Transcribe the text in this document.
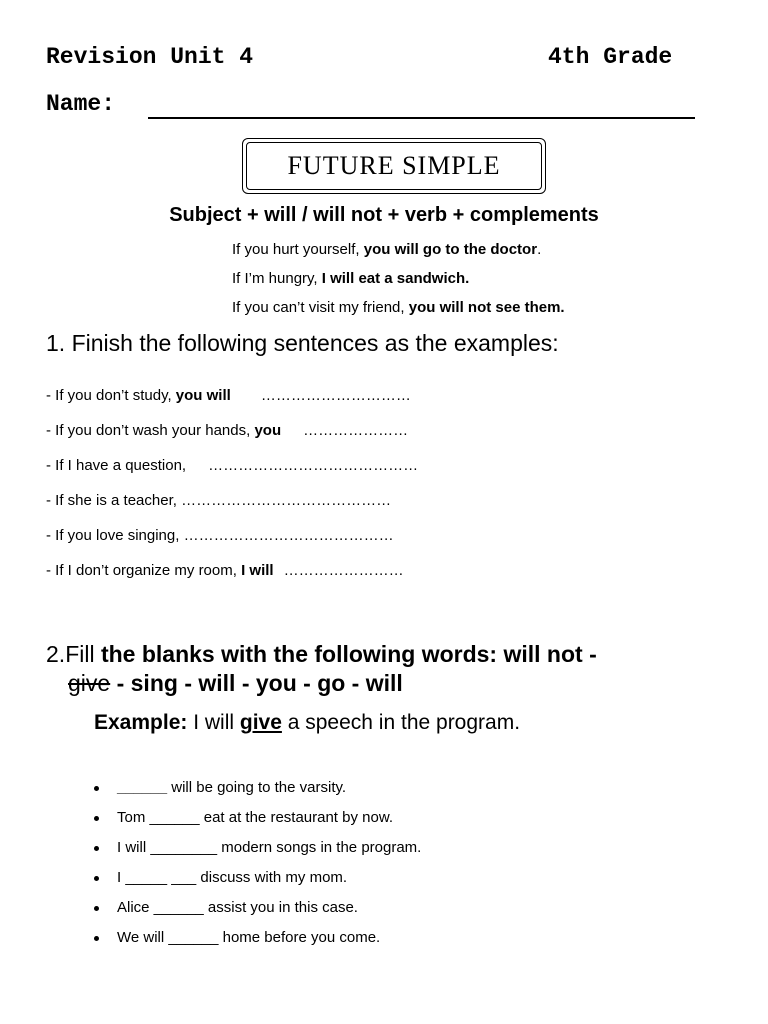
Revision Unit 4	4th Grade
Name:
FUTURE SIMPLE
Subject + will / will not + verb + complements
If you hurt yourself, you will go to the doctor.
If I’m hungry, I will eat a sandwich.
If you can’t visit my friend, you will not see them.
1. Finish the following sentences as the examples:
- If you don’t study, you will …………………………
- If you don’t wash your hands, you …………………
- If I have a question, ……………………………………
- If she is a teacher, ……………………………………
- If you love singing, ……………………………………
- If I don’t organize my room, I will ……………………
2.Fill the blanks with the following words: will not -
give - sing - will - you - go - will
Example: I will give a speech in the program.
______ will be going to the varsity.
Tom ______ eat at the restaurant by now.
I will ________ modern songs in the program.
I _____ ___ discuss with my mom.
Alice ______ assist you in this case.
We will ______ home before you come.
